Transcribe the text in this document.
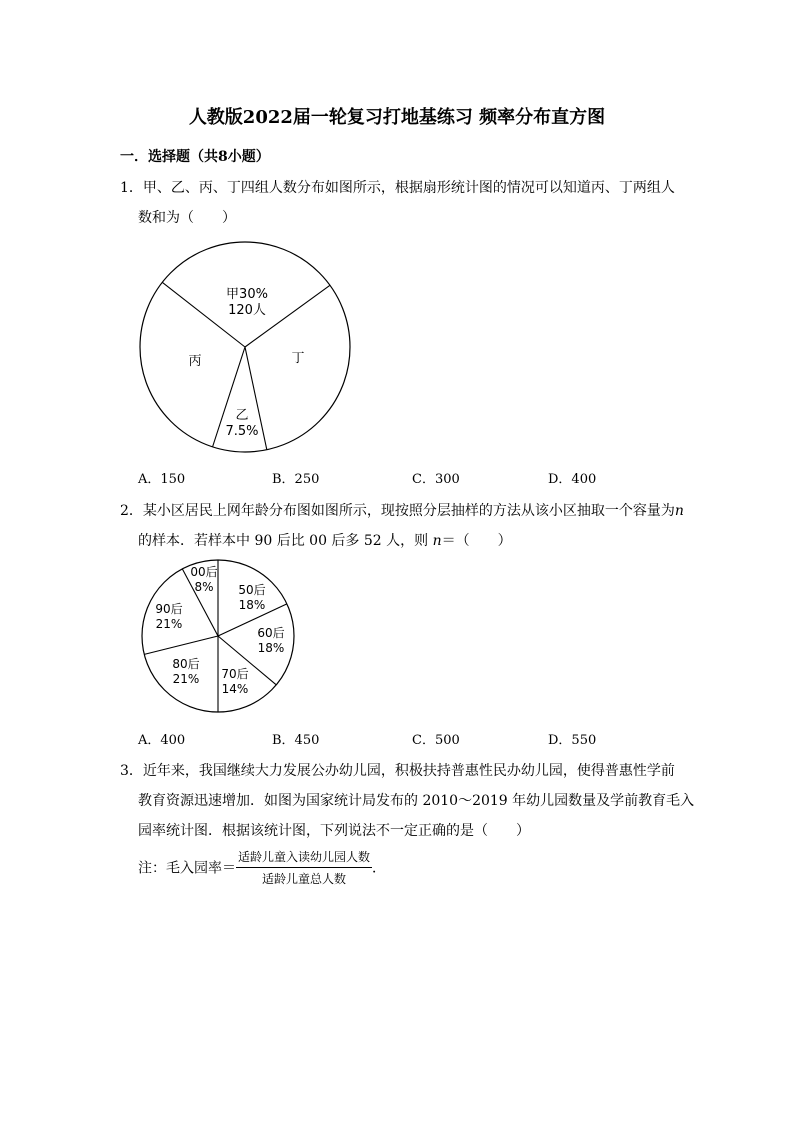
人教版2022届一轮复习打地基练习 频率分布直方图
一．选择题（共8小题）
1．甲、乙、丙、丁四组人数分布如图所示，根据扇形统计图的情况可以知道丙、丁两组人
数和为（　　）
甲30%
120人
丁
乙
7.5%
丙
A．150	B．250	C．300	D．400
2．某小区居民上网年龄分布图如图所示，现按照分层抽样的方法从该小区抽取一个容量为n
的样本．若样本中 90 后比 00 后多 52 人，则 n＝（　　）
50后
18%
60后
18%
70后
14%
80后
21%
90后
21%
00后
8%
A．400	B．450	C．500	D．550
3．近年来，我国继续大力发展公办幼儿园，积极扶持普惠性民办幼儿园，使得普惠性学前
教育资源迅速增加．如图为国家统计局发布的 2010～2019 年幼儿园数量及学前教育毛入
园率统计图．根据该统计图，下列说法不一定正确的是（　　）
注：毛入园率＝ $\frac{\text{适龄儿童入读幼儿园人数}}{\text{适龄儿童总人数}}$ ．
